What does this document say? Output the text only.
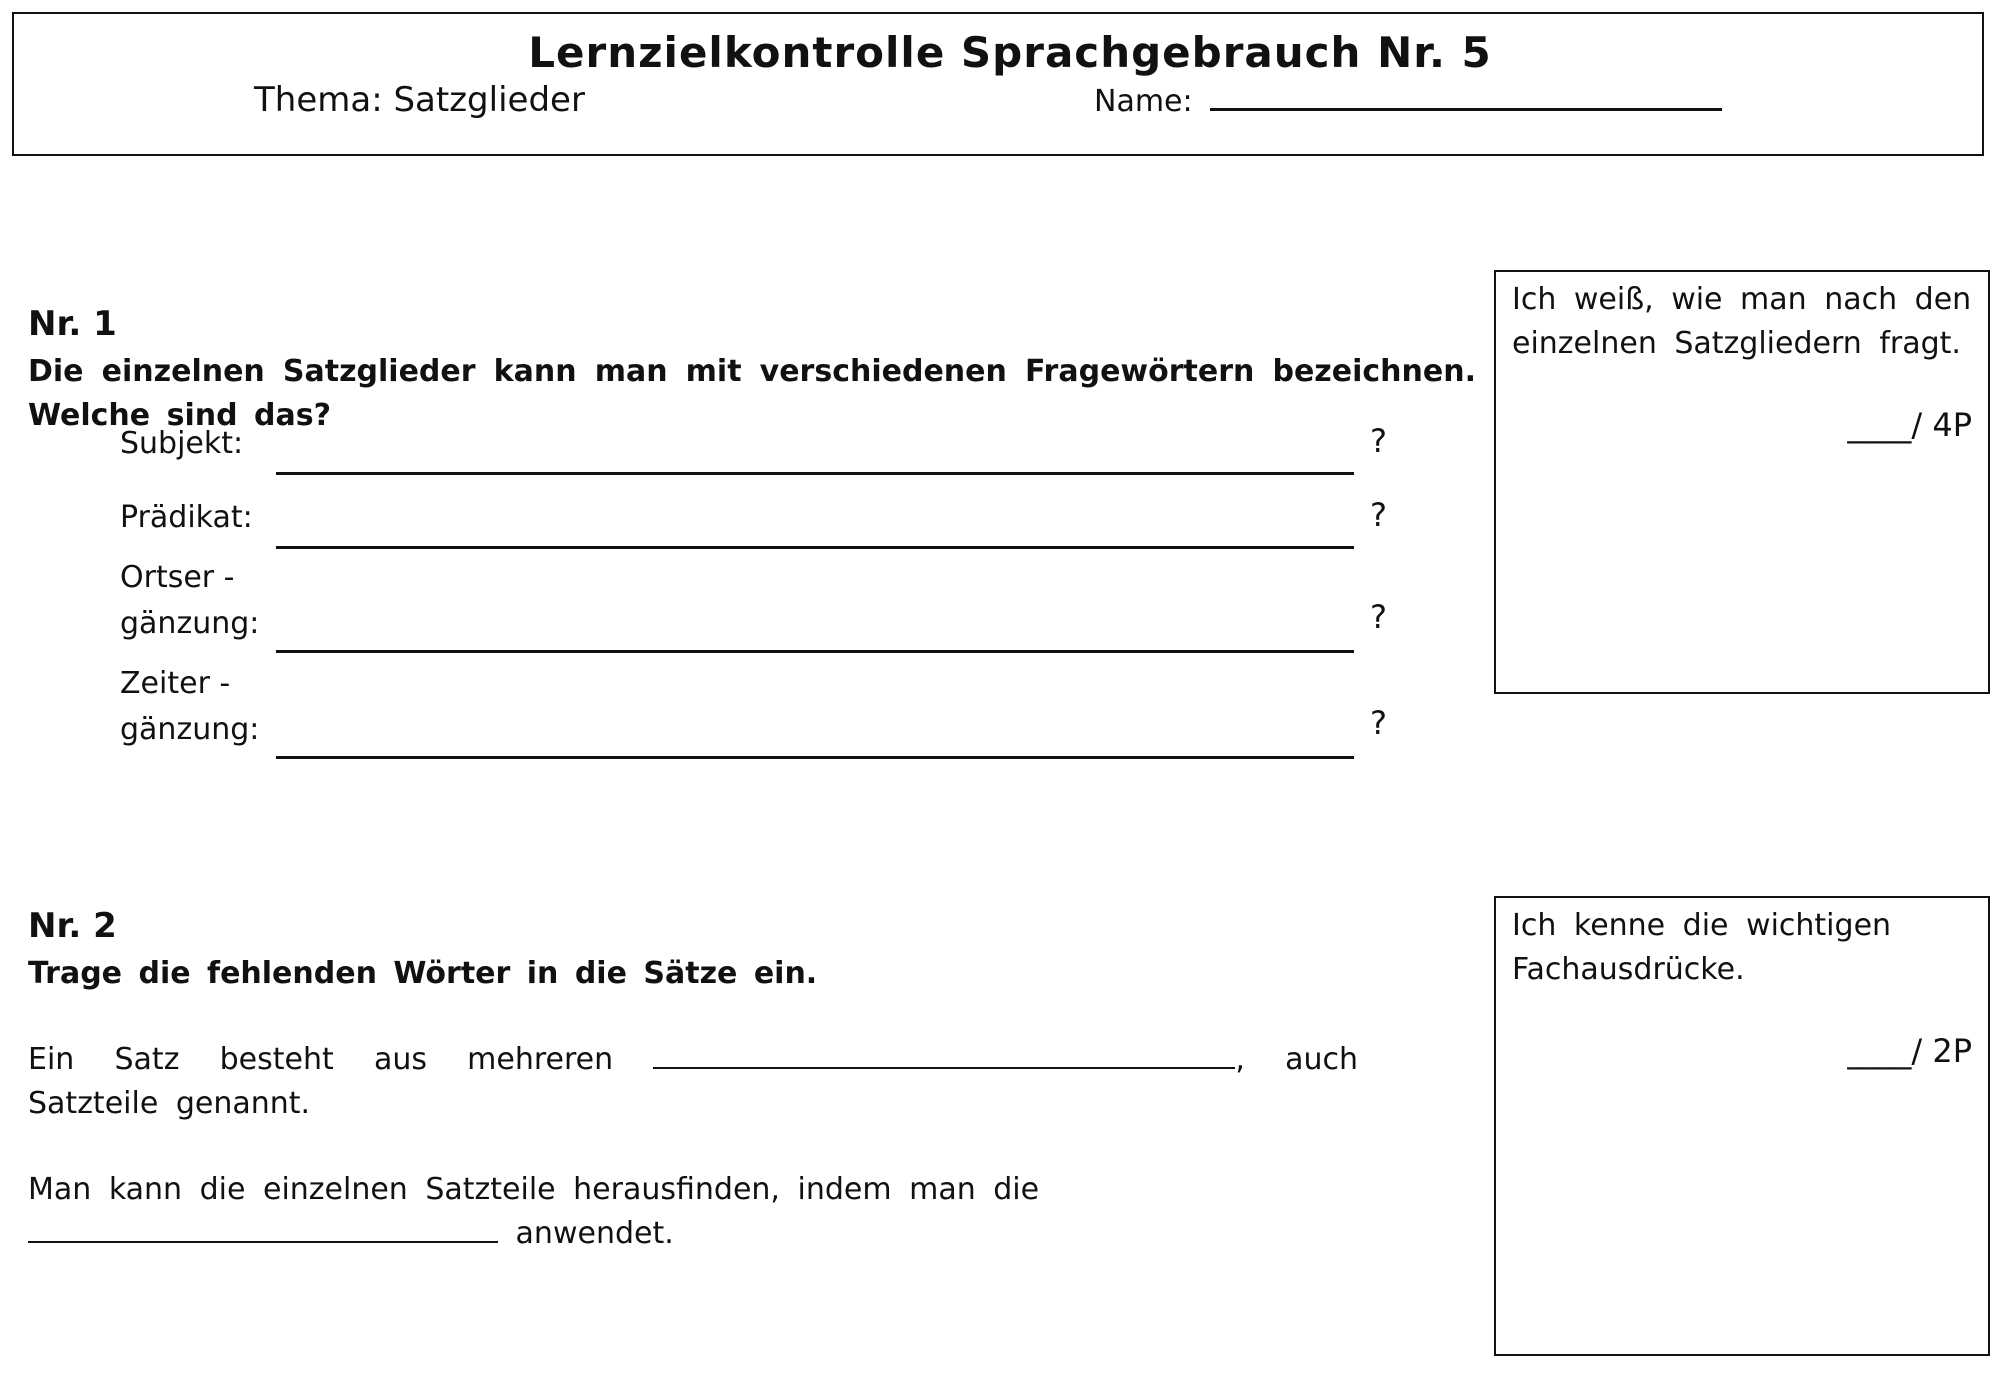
Lernzielkontrolle Sprachgebrauch Nr. 5
Thema: Satzglieder	Name:
Nr. 1
Die einzelnen Satzglieder kann man mit verschiedenen Fragewörtern bezeichnen. Welche sind das?
Subjekt:	?
Prädikat:	?
Ortser -
gänzung:	?
Zeiter -
gänzung:	?
Ich weiß, wie man nach den einzelnen Satzgliedern fragt.
____/ 4P
Nr. 2
Trage die fehlenden Wörter in die Sätze ein.
Ein Satz besteht aus mehreren	, auch Satzteile genannt.
Man kann die einzelnen Satzteile herausfinden, indem man die
anwendet.
Ich kenne die wichtigen Fachausdrücke.
____/ 2P
